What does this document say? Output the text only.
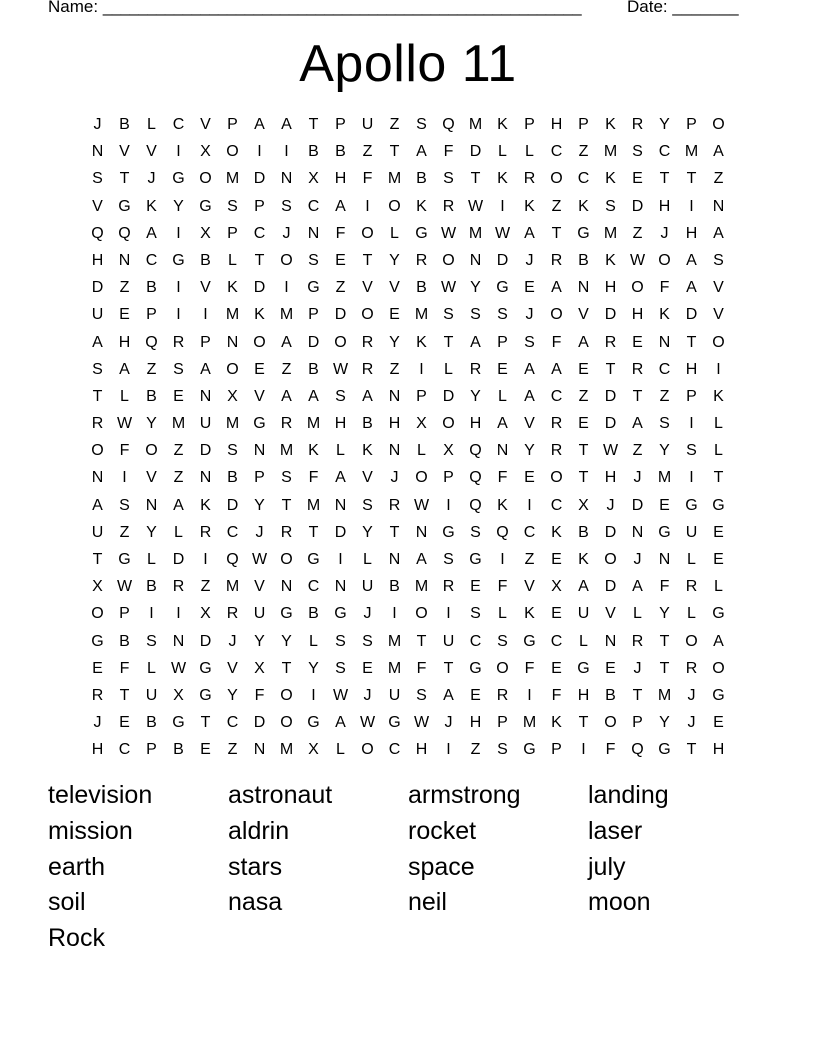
Name: ______________________________________________________	Date: _______
Apollo 11
J	B	L	C V	P	A	A	T	P U	Z	S Q M K	P H P	K R Y	P O
N V	V	I	X O	I	I	B	B	Z	T	A	F	D	L	L	C	Z M S C M A
S	T	J	G O M D N X H	F M B	S	T	K R O C K	E	T	T	Z
V G K	Y G S	P	S C A	I	O K R W	I	K	Z	K	S D H	I	N
Q Q A	I	X	P C	J	N	F O	L	G W M W A	T G M Z	J	H A
H N C G B	L	T O S	E	T	Y R O N D	J	R B	K W O A	S
D	Z	B	I	V	K D	I	G Z	V	V	B W Y G E	A N H O F	A	V
U E	P	I	I	M K M P D O E M S	S	S	J	O V D H K D V
A H Q R P N O A D O R Y	K	T	A	P	S	F	A R E N	T O
S	A	Z	S	A O E	Z	B W R	Z	I	L	R E	A	A	E	T	R C H	I
T	L	B	E N X	V	A	A	S	A N P D Y	L	A C	Z	D	T	Z	P	K
R W Y M U M G R M H B H X O H A	V R E D A	S	I	L
O F O Z	D S N M K	L	K N	L	X Q N Y R	T W Z	Y	S	L
N	I	V	Z	N B	P	S	F	A	V	J	O P Q F	E O T	H	J	M	I	T
A	S N A	K D Y	T M N S R W	I	Q K	I	C X	J	D E G G
U	Z	Y	L	R C	J	R	T	D Y	T	N G S Q C K	B D N G U E
T G	L	D	I	Q W O G	I	L	N A	S G	I	Z	E	K O	J	N	L	E
X W B R	Z M V N C N U B M R E	F	V	X	A D A	F	R	L
O P	I	I	X R U G B G	J	I	O	I	S	L	K	E U V	L	Y	L	G
G B	S N D	J	Y	Y	L	S	S M T	U C S G C	L	N R	T O A
E	F	L W G V	X	T	Y	S	E M F	T G O F	E G E	J	T	R O
R	T	U X G Y	F O	I	W J	U S	A	E R	I	F	H B	T M	J	G
J	E	B G T	C D O G A W G W J	H P M K	T O P	Y	J	E
H C P	B	E	Z	N M X	L	O C H	I	Z	S G P	I	F Q G T	H
television	astronaut	armstrong	landing
mission	aldrin	rocket	laser
earth	stars	space	july
soil	nasa	neil	moon
Rock
